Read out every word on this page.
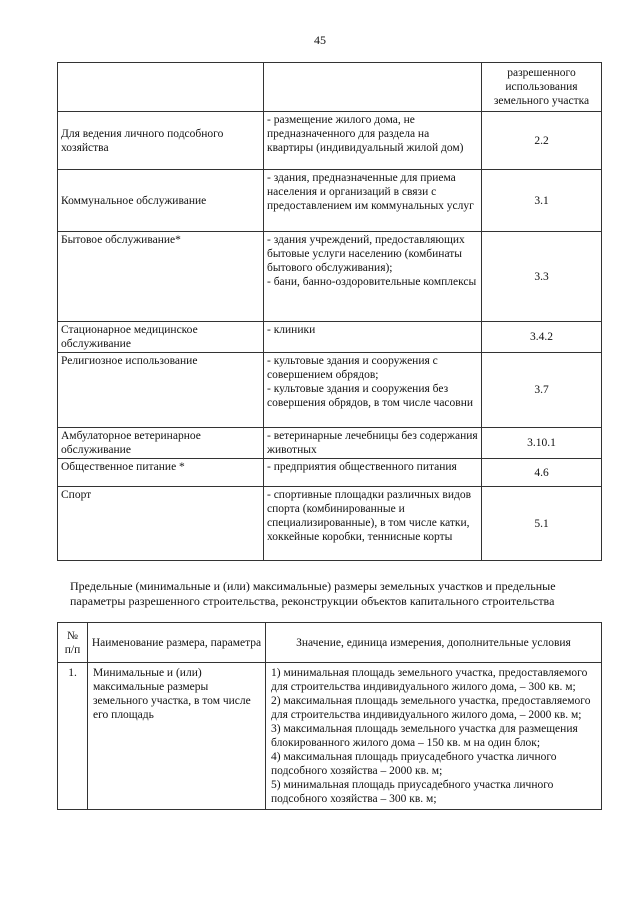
45

		разрешенного
использования
земельного участка

Для ведения личного подсобного хозяйства	- размещение жилого дома, не предназначенного для раздела на квартиры (индивидуальный жилой дом)	2.2
Коммунальное обслуживание	- здания, предназначенные для приема населения и организаций в связи с предоставлением им коммунальных услуг	3.1
Бытовое обслуживание*	- здания учреждений, предоставляющих бытовые услуги населению (комбинаты бытового обслуживания);
- бани, банно-оздоровительные комплексы	3.3
Стационарное медицинское обслуживание	- клиники	3.4.2
Религиозное использование	- культовые здания и сооружения с совершением обрядов;
- культовые здания и сооружения без совершения обрядов, в том числе часовни	3.7
Амбулаторное ветеринарное обслуживание	- ветеринарные лечебницы без содержания животных	3.10.1
Общественное питание *	- предприятия общественного питания	4.6
Спорт	- спортивные площадки различных видов спорта (комбинированные и специализированные), в том числе катки, хоккейные коробки, теннисные корты	5.1
Предельные (минимальные и (или) максимальные) размеры земельных участков и предельные
параметры разрешенного строительства, реконструкции объектов капитального строительства
№ п/п	Наименование размера, параметра	Значение, единица измерения, дополнительные условия
1.	Минимальные и (или) максимальные размеры земельного участка, в том числе его площадь	1) минимальная площадь земельного участка, предоставляемого для строительства индивидуального жилого дома, – 300 кв. м;
2) максимальная площадь земельного участка, предоставляемого для строительства индивидуального жилого дома, – 2000 кв. м;
3) максимальная площадь земельного участка для размещения блокированного жилого дома – 150 кв. м на один блок;
4) максимальная площадь приусадебного участка личного подсобного хозяйства – 2000 кв. м;
5) минимальная площадь приусадебного участка личного подсобного хозяйства – 300 кв. м;
